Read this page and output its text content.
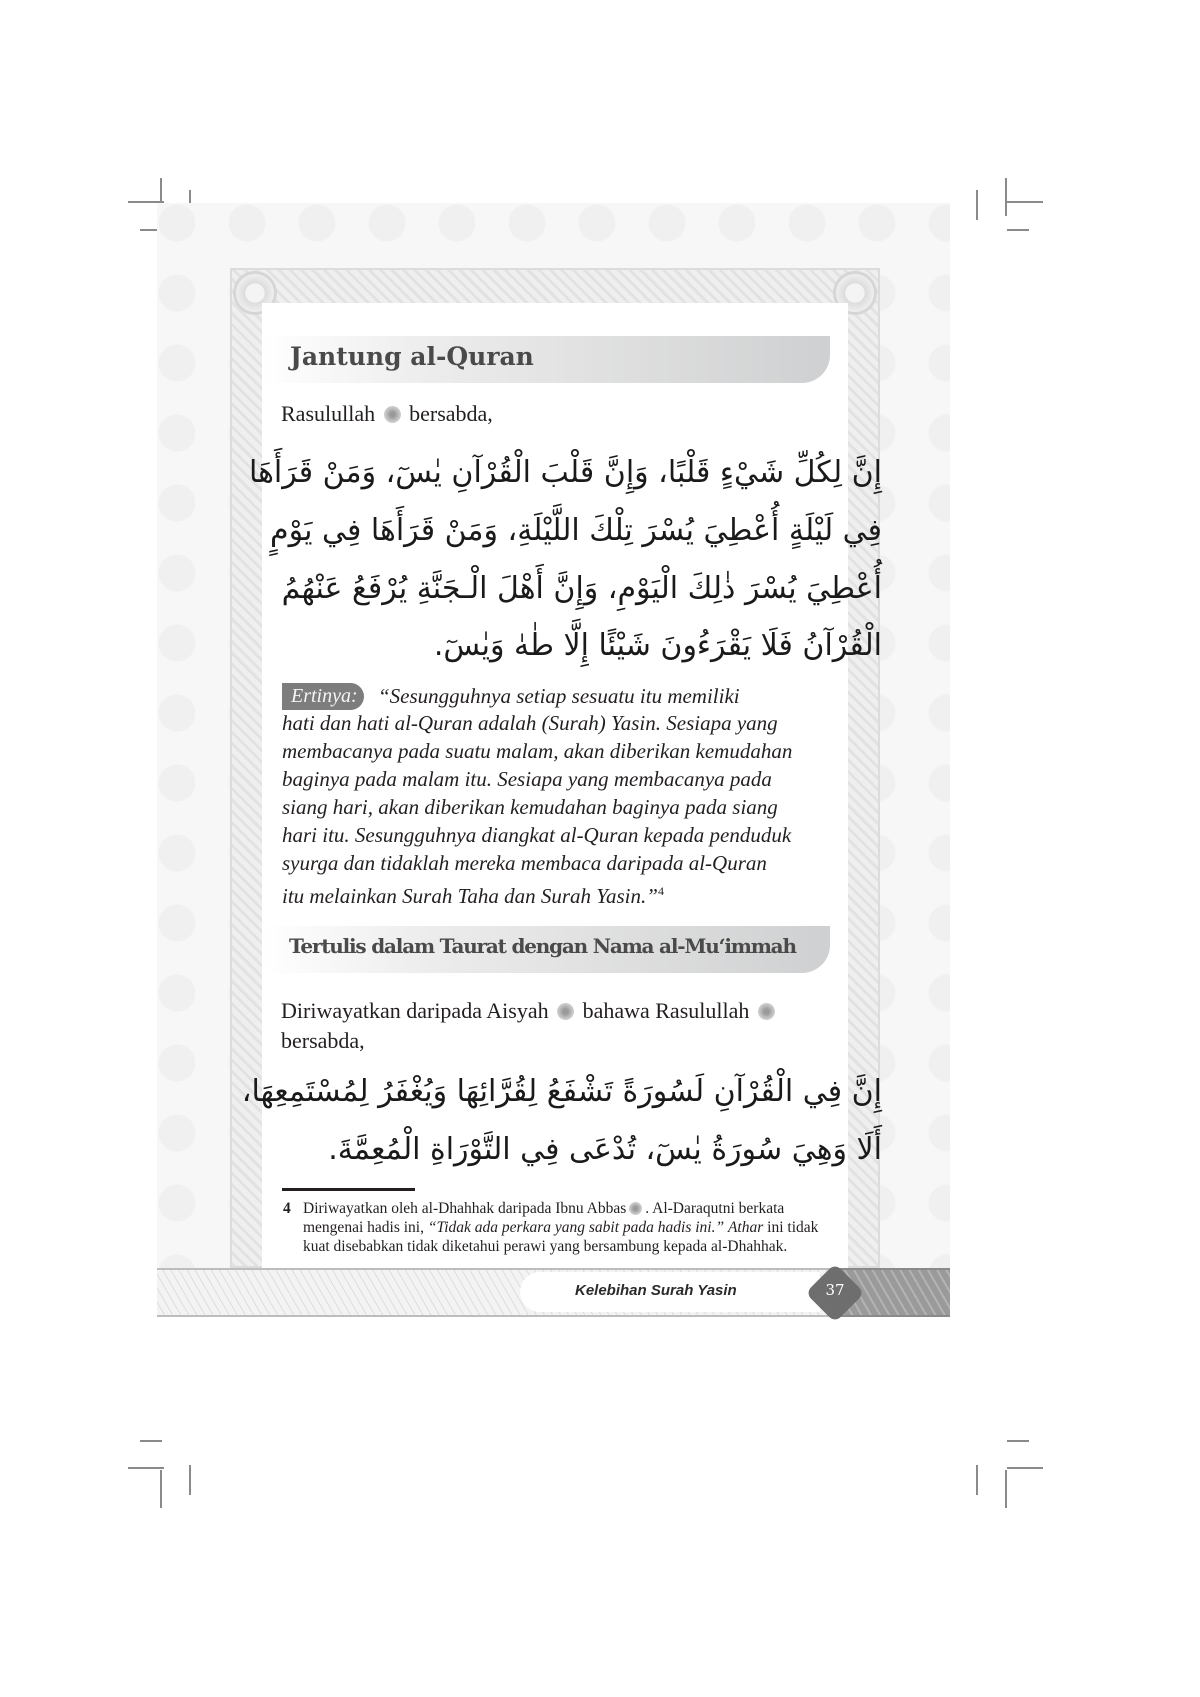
Jantung al-Quran
Rasulullah bersabda,
إِنَّ لِكُلِّ شَيْءٍ قَلْبًا، وَإِنَّ قَلْبَ الْقُرْآنِ يٰسٓ، وَمَنْ قَرَأَهَا
فِي لَيْلَةٍ أُعْطِيَ يُسْرَ تِلْكَ اللَّيْلَةِ، وَمَنْ قَرَأَهَا فِي يَوْمٍ
أُعْطِيَ يُسْرَ ذٰلِكَ الْيَوْمِ، وَإِنَّ أَهْلَ الْـجَنَّةِ يُرْفَعُ عَنْهُمُ
الْقُرْآنُ فَلَا يَقْرَءُونَ شَيْئًا إِلَّا طٰهٰ وَيٰسٓ.
Ertinya: “Sesungguhnya setiap sesuatu itu memiliki
hati dan hati al-Quran adalah (Surah) Yasin. Sesiapa yang
membacanya pada suatu malam, akan diberikan kemudahan
baginya pada malam itu. Sesiapa yang membacanya pada
siang hari, akan diberikan kemudahan baginya pada siang
hari itu. Sesungguhnya diangkat al-Quran kepada penduduk
syurga dan tidaklah mereka membaca daripada al-Quran
itu melainkan Surah Taha dan Surah Yasin.”$^4$
Tertulis dalam Taurat dengan Nama al-Mu‘immah
Diriwayatkan daripada Aisyah bahawa Rasulullah
bersabda,
إِنَّ فِي الْقُرْآنِ لَسُورَةً تَشْفَعُ لِقُرَّائِهَا وَيُغْفَرُ لِمُسْتَمِعِهَا،
أَلَا وَهِيَ سُورَةُ يٰسٓ، تُدْعَى فِي التَّوْرَاةِ الْمُعِمَّةَ.
4 Diriwayatkan oleh al-Dhahhak daripada Ibnu Abbas . Al-Daraqutni berkata
mengenai hadis ini, “Tidak ada perkara yang sabit pada hadis ini.” Athar ini tidak
kuat disebabkan tidak diketahui perawi yang bersambung kepada al-Dhahhak.
Kelebihan Surah Yasin	37
